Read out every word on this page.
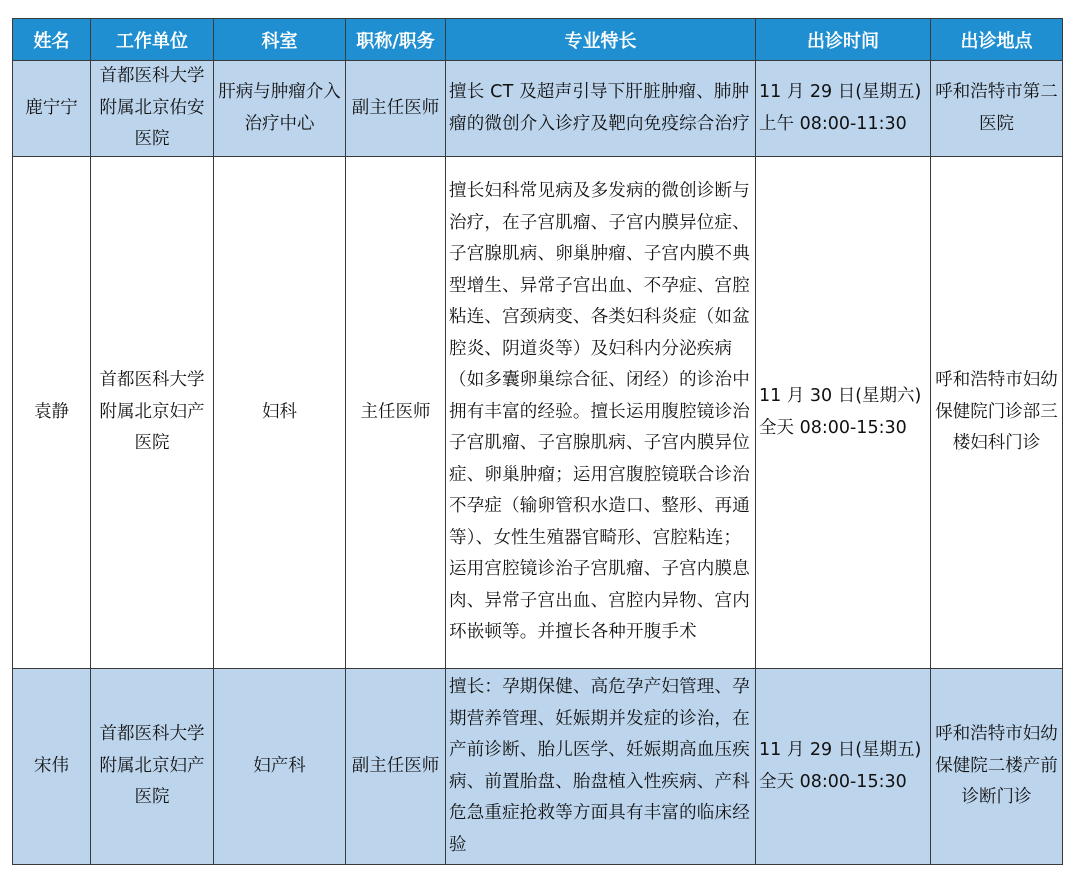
姓名	工作单位	科室	职称/职务	专业特长	出诊时间	出诊地点
鹿宁宁	首都医科大学附属北京佑安医院	肝病与肿瘤介入治疗中心	副主任医师	擅长 CT 及超声引导下肝脏肿瘤、肺肿瘤的微创介入诊疗及靶向免疫综合治疗	11 月 29 日(星期五)
上午 08:00-11:30	呼和浩特市第二医院
袁静	首都医科大学附属北京妇产医院	妇科	主任医师	擅长妇科常见病及多发病的微创诊断与治疗，在子宫肌瘤、子宫内膜异位症、子宫腺肌病、卵巢肿瘤、子宫内膜不典型增生、异常子宫出血、不孕症、宫腔粘连、宫颈病变、各类妇科炎症（如盆腔炎、阴道炎等）及妇科内分泌疾病（如多囊卵巢综合征、闭经）的诊治中拥有丰富的经验。擅长运用腹腔镜诊治子宫肌瘤、子宫腺肌病、子宫内膜异位症、卵巢肿瘤；运用宫腹腔镜联合诊治不孕症（输卵管积水造口、整形、再通等）、女性生殖器官畸形、宫腔粘连；运用宫腔镜诊治子宫肌瘤、子宫内膜息肉、异常子宫出血、宫腔内异物、宫内环嵌顿等。并擅长各种开腹手术	11 月 30 日(星期六)
全天 08:00-15:30	呼和浩特市妇幼保健院门诊部三楼妇科门诊
宋伟	首都医科大学附属北京妇产医院	妇产科	副主任医师	擅长：孕期保健、高危孕产妇管理、孕期营养管理、妊娠期并发症的诊治，在产前诊断、胎儿医学、妊娠期高血压疾病、前置胎盘、胎盘植入性疾病、产科危急重症抢救等方面具有丰富的临床经验	11 月 29 日(星期五)
全天 08:00-15:30	呼和浩特市妇幼保健院二楼产前诊断门诊
